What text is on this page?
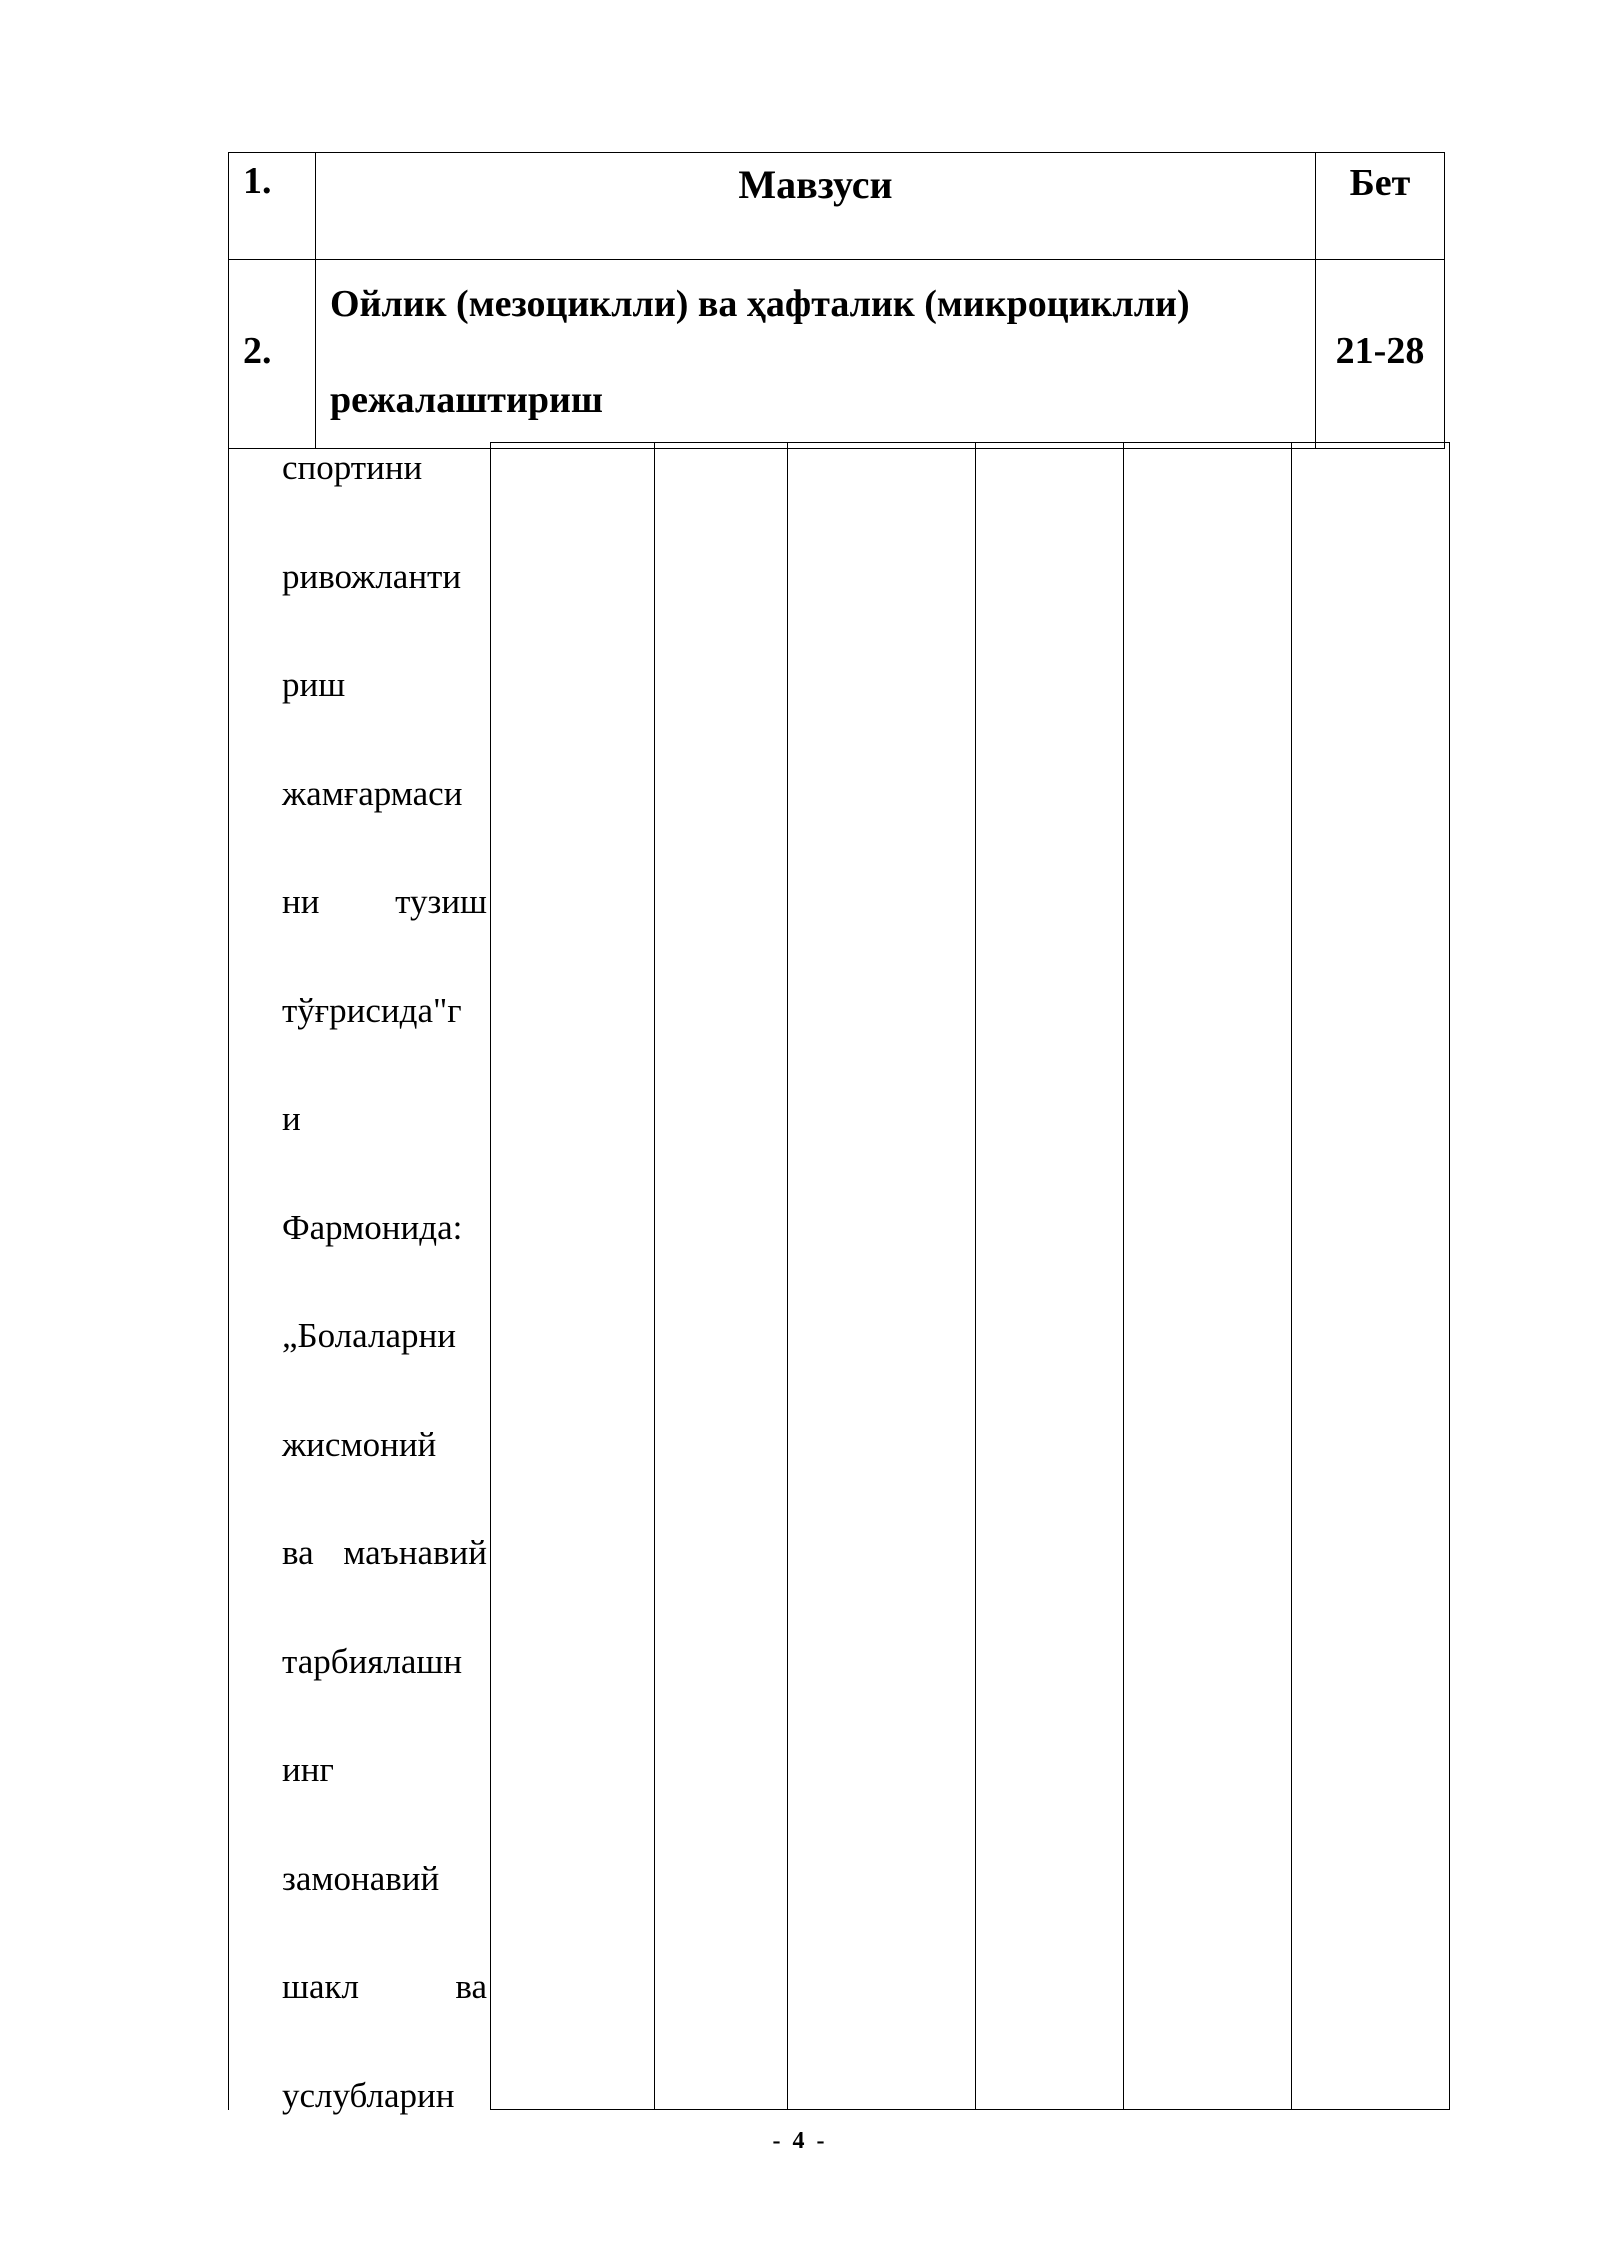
1.	Мавзуси	Бет

2.	Ойлик (мезоциклли) ва ҳафталик (микроциклли)
режалаштириш	21-28
спортини
ривожланти
риш
жамғармаси
ни тузиш
тўғрисида"г
и
Фармонида:
„Болаларни
жисмоний
ва маънавий
тарбиялашн
инг
замонавий
шакл	ва
услубларин
- 4 -
